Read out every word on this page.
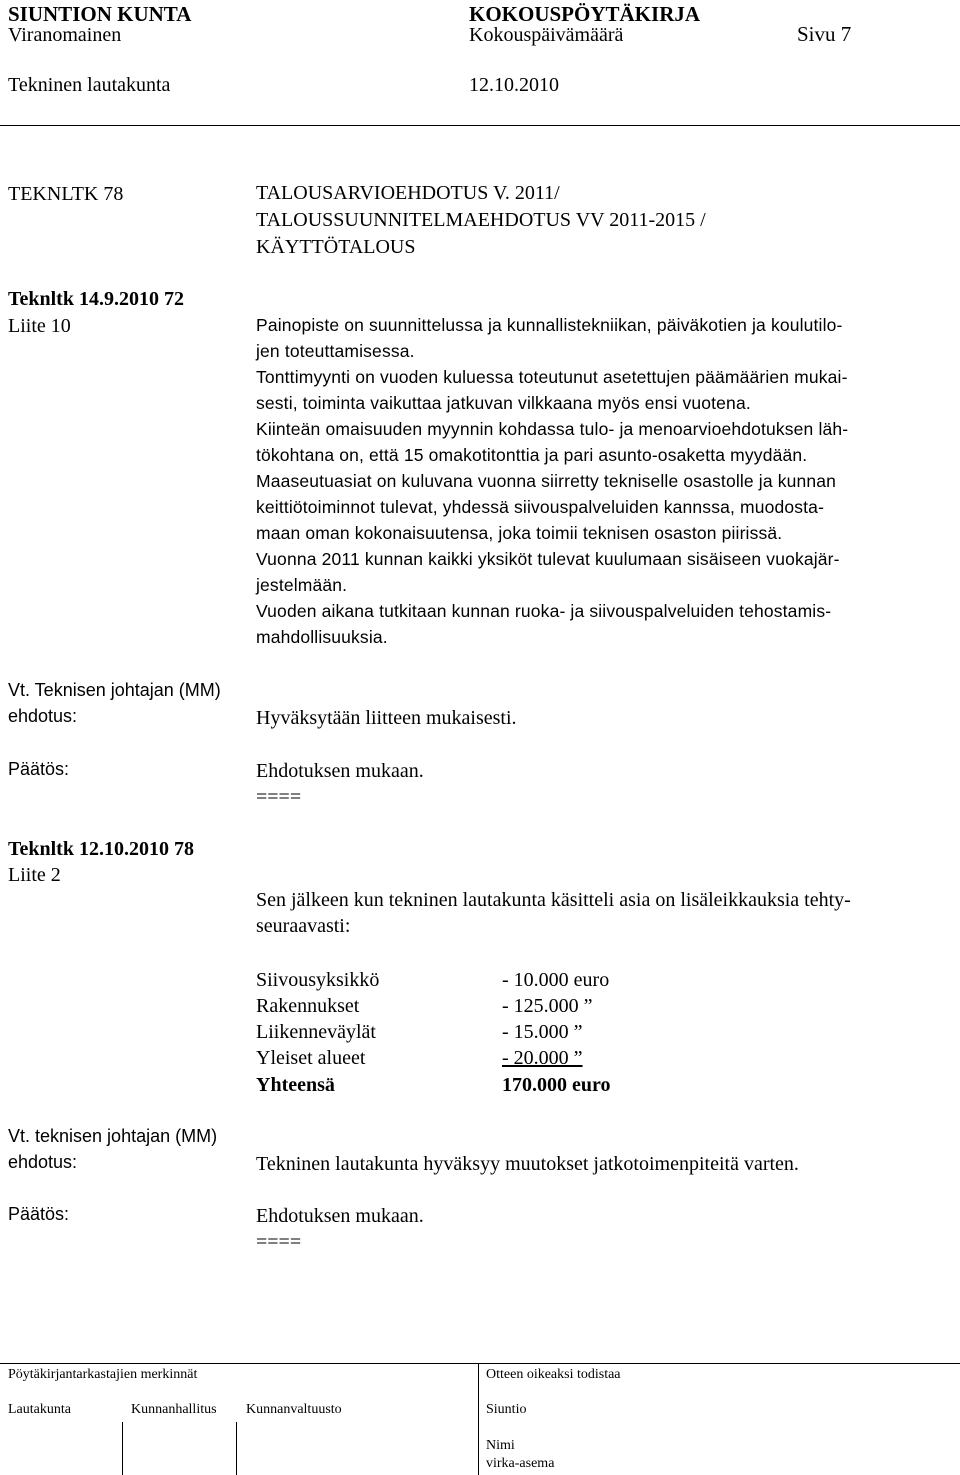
SIUNTION KUNTA	KOKOUSPÖYTÄKIRJA
Viranomainen	Kokouspäivämäärä	Sivu 7
Tekninen lautakunta	12.10.2010
TEKNLTK 78	TALOUSARVIOEHDOTUS V. 2011/
TALOUSSUUNNITELMAEHDOTUS VV 2011-2015 /
KÄYTTÖTALOUS
Teknltk 14.9.2010 72
Liite 10	Painopiste on suunnittelussa ja kunnallistekniikan, päiväkotien ja koulutilo-
jen toteuttamisessa.
Tonttimyynti on vuoden kuluessa toteutunut asetettujen päämäärien mukai-
sesti, toiminta vaikuttaa jatkuvan vilkkaana myös ensi vuotena.
Kiinteän omaisuuden myynnin kohdassa tulo- ja menoarvioehdotuksen läh-
tökohtana on, että 15 omakotitonttia ja pari asunto-osaketta myydään.
Maaseutuasiat on kuluvana vuonna siirretty tekniselle osastolle ja kunnan
keittiötoiminnot tulevat, yhdessä siivouspalveluiden kannssa, muodosta-
maan oman kokonaisuutensa, joka toimii teknisen osaston piirissä.
Vuonna 2011 kunnan kaikki yksiköt tulevat kuulumaan sisäiseen vuokajär-
jestelmään.
Vuoden aikana tutkitaan kunnan ruoka- ja siivouspalveluiden tehostamis-
mahdollisuuksia.
Vt. Teknisen johtajan (MM)
ehdotus:	Hyväksytään liitteen mukaisesti.
Päätös:	Ehdotuksen mukaan.
====
Teknltk 12.10.2010 78
Liite 2
Sen jälkeen kun tekninen lautakunta käsitteli asia on lisäleikkauksia tehty-
seuraavasti:
Siivousyksikkö	- 10.000 euro
Rakennukset	- 125.000 ”
Liikenneväylät	- 15.000 ”
Yleiset alueet	- 20.000 ”
Yhteensä	170.000 euro
Vt. teknisen johtajan (MM)
ehdotus:	Tekninen lautakunta hyväksyy muutokset jatkotoimenpiteitä varten.
Päätös:	Ehdotuksen mukaan.
====
Pöytäkirjantarkastajien merkinnät	Otteen oikeaksi todistaa
Lautakunta	Kunnanhallitus Kunnanvaltuusto	Siuntio
Nimi
virka-asema
